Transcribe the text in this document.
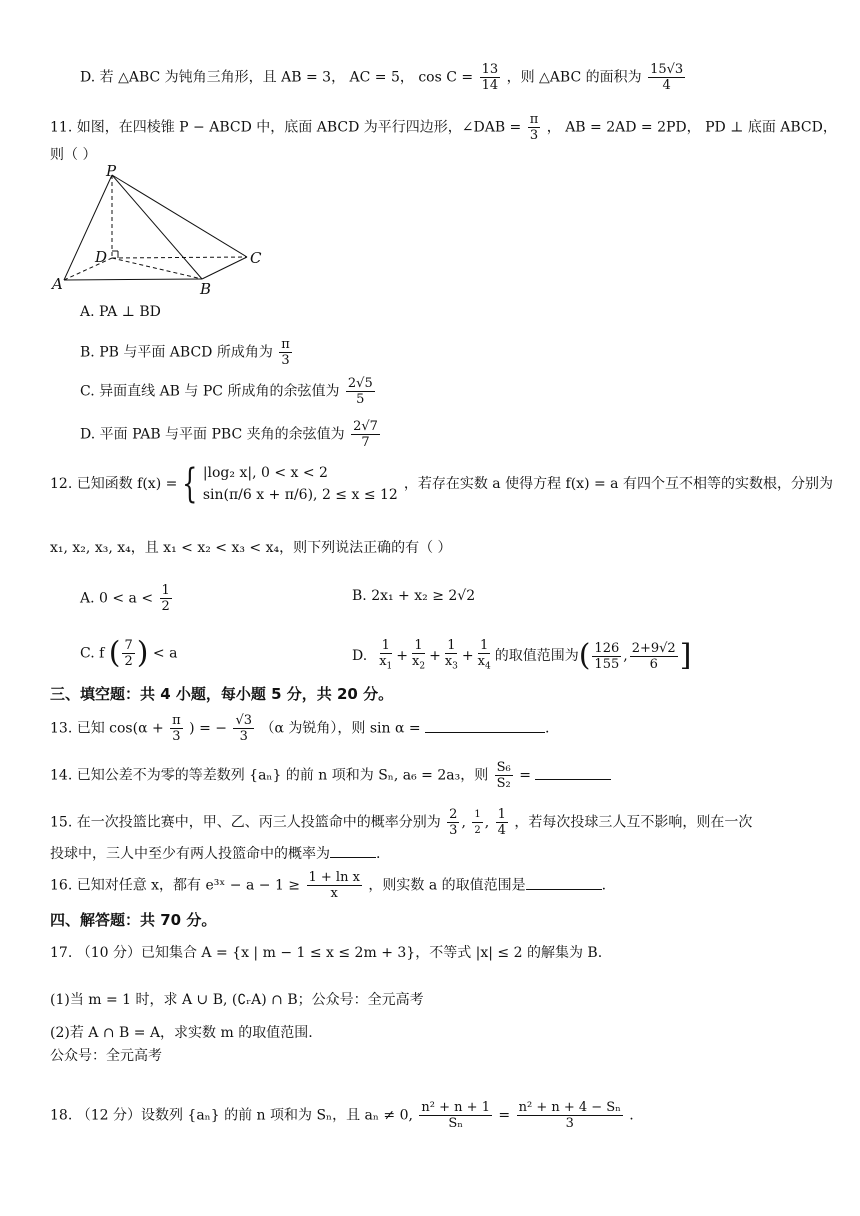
D. 若 △ABC 为钝角三角形，且 AB = 3， AC = 5， $\cos C = \frac{13}{14}$ ，则 △ABC 的面积为 $\frac{15√3}{4}$
11. 如图，在四棱锥 P − ABCD 中，底面 ABCD 为平行四边形，∠DAB = $\frac{\pi}{3}$ ， AB = 2AD = 2PD， PD ⊥ 底面 ABCD，
则（ ）
P
D	C
A	B
A. PA ⊥ BD
B. PB 与平面 ABCD 所成角为 $\frac{\pi}{3}$
C. 异面直线 AB 与 PC 所成角的余弦值为 $\frac{2√5}{5}$
D. 平面 PAB 与平面 PBC 夹角的余弦值为 $\frac{2√7}{7}$
12. 已知函数 f(x) = { |log₂ x|, 0 < x < 2
sin(π/6 x + π/6), 2 ≤ x ≤ 12
，若存在实数 a 使得方程 f(x) = a 有四个互不相等的实数根，分别为
x₁, x₂, x₃, x₄，且 x₁ < x₂ < x₃ < x₄，则下列说法正确的有（ ）
A. $0 < a < \frac{1}{2}$	B. 2x₁ + x₂ ≥ 2√2
C. f ( $\frac{7}{2}$ ) < a	D. $\frac{1}{x_1} + \frac{1}{x_2} + \frac{1}{x_3} + \frac{1}{x_4}$ 的取值范围为 ( $\frac{126}{155}$ , $\frac{2+9√2}{6}$ ]
三、填空题：共 4 小题，每小题 5 分，共 20 分。
13. 已知 $\cos(\alpha + \frac{\pi}{3}$ ) = − $\frac{√3}{3} (\alpha$ 为锐角），则 sin α =	.
14. 已知公差不为零的等差数列 {aₙ} 的前 n 项和为 Sₙ, a₆ = 2a₃，则 $\frac{\text{S₆}}{\text{S₂}}$ =
15. 在一次投篮比赛中，甲、乙、丙三人投篮命中的概率分别为 $\frac{2}{3}$ , $\frac{1}{2}$ , $\frac{1}{4}$ ，若每次投球三人互不影响，则在一次
投球中，三人中至少有两人投篮命中的概率为	.
16. 已知对任意 x，都有 e³ˣ − $a - 1 \ge \frac{\text{1 + ln x}}{x}$ ，则实数 a 的取值范围是	.
四、解答题：共 70 分。
17. （10 分）已知集合 A = {x | m − 1 ≤ x ≤ 2m + 3}，不等式 |x| ≤ 2 的解集为 B.
(1)当 m = 1 时，求 A ∪ B, (∁ᵣA) ∩ B；公众号：全元高考
(2)若 A ∩ B = A，求实数 m 的取值范围.
公众号：全元高考
18. （12 分）设数列 {aₙ} 的前 n 项和为 Sₙ，且 aₙ ≠ 0, $\frac{\text{n² + n + 1}}{\text{Sₙ}} = \frac{\text{n² + n + 4 − Sₙ}}{3}$ .
